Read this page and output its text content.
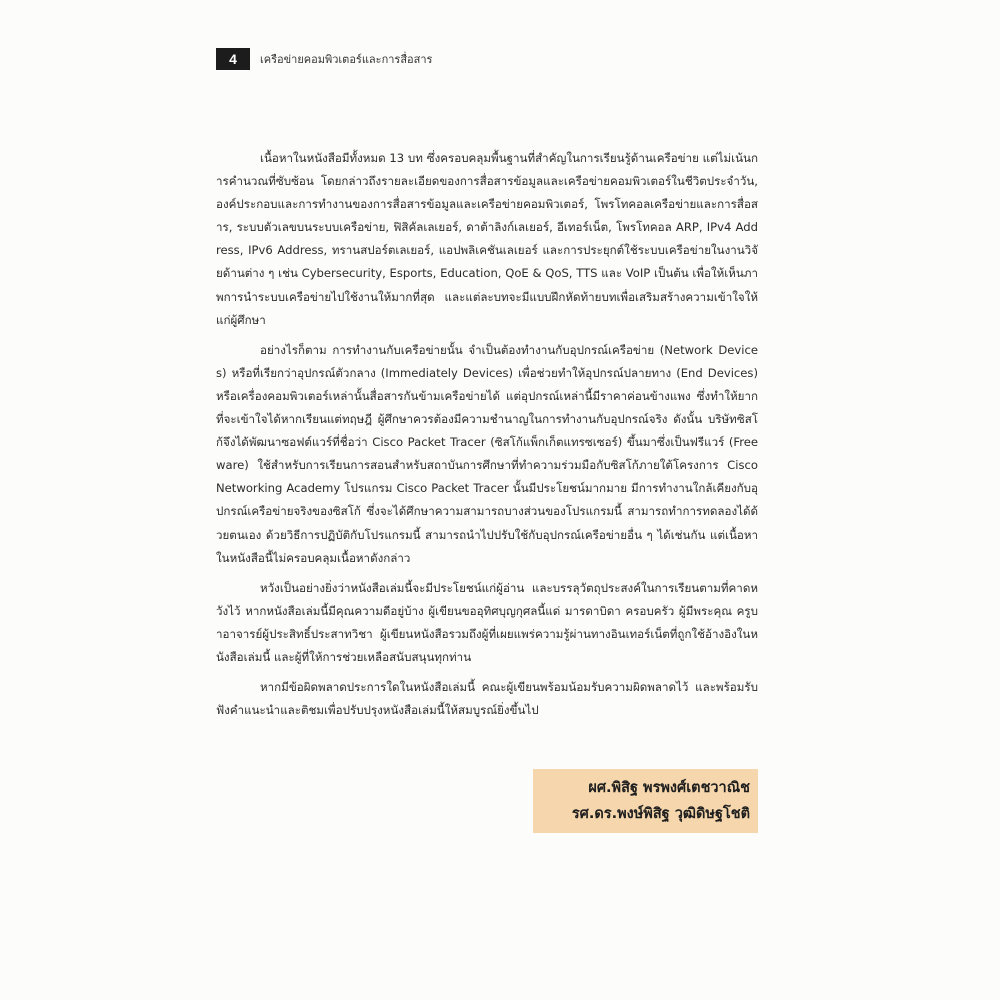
4	เครือข่ายคอมพิวเตอร์และการสื่อสาร

เนื้อหาในหนังสือมีทั้งหมด 13 บท ซึ่งครอบคลุมพื้นฐานที่สำคัญในการเรียนรู้ด้านเครือข่าย แต่ไม่เน้นการคำนวณที่ซับซ้อน โดยกล่าวถึงรายละเอียดของการสื่อสารข้อมูลและเครือข่ายคอมพิวเตอร์ในชีวิตประจำวัน, องค์ประกอบและการทำงานของการสื่อสารข้อมูลและเครือข่ายคอมพิวเตอร์, โพรโทคอลเครือข่ายและการสื่อสาร, ระบบตัวเลขบนระบบเครือข่าย, ฟิสิคัลเลเยอร์, ดาต้าลิงก์เลเยอร์, อีเทอร์เน็ต, โพรโทคอล ARP, IPv4 Address, IPv6 Address, ทรานสปอร์ตเลเยอร์, แอปพลิเคชันเลเยอร์ และการประยุกต์ใช้ระบบเครือข่ายในงานวิจัยด้านต่าง ๆ เช่น Cybersecurity, Esports, Education, QoE & QoS, TTS และ VoIP เป็นต้น เพื่อให้เห็นภาพการนำระบบเครือข่ายไปใช้งานให้มากที่สุด และแต่ละบทจะมีแบบฝึกหัดท้ายบทเพื่อเสริมสร้างความเข้าใจให้แก่ผู้ศึกษา

อย่างไรก็ตาม การทำงานกับเครือข่ายนั้น จำเป็นต้องทำงานกับอุปกรณ์เครือข่าย (Network Devices) หรือที่เรียกว่าอุปกรณ์ตัวกลาง (Immediately Devices) เพื่อช่วยทำให้อุปกรณ์ปลายทาง (End Devices) หรือเครื่องคอมพิวเตอร์เหล่านั้นสื่อสารกันข้ามเครือข่ายได้ แต่อุปกรณ์เหล่านี้มีราคาค่อนข้างแพง ซึ่งทำให้ยากที่จะเข้าใจได้หากเรียนแต่ทฤษฎี ผู้ศึกษาควรต้องมีความชำนาญในการทำงานกับอุปกรณ์จริง ดังนั้น บริษัทซิสโก้จึงได้พัฒนาซอฟต์แวร์ที่ชื่อว่า Cisco Packet Tracer (ซิสโก้แพ็กเก็ตแทรซเซอร์) ขึ้นมาซึ่งเป็นฟรีแวร์ (Freeware) ใช้สำหรับการเรียนการสอนสำหรับสถาบันการศึกษาที่ทำความร่วมมือกับซิสโก้ภายใต้โครงการ Cisco Networking Academy โปรแกรม Cisco Packet Tracer นั้นมีประโยชน์มากมาย มีการทำงานใกล้เคียงกับอุปกรณ์เครือข่ายจริงของซิสโก้ ซึ่งจะได้ศึกษาความสามารถบางส่วนของโปรแกรมนี้ สามารถทำการทดลองได้ด้วยตนเอง ด้วยวิธีการปฏิบัติกับโปรแกรมนี้ สามารถนำไปปรับใช้กับอุปกรณ์เครือข่ายอื่น ๆ ได้เช่นกัน แต่เนื้อหาในหนังสือนี้ไม่ครอบคลุมเนื้อหาดังกล่าว

หวังเป็นอย่างยิ่งว่าหนังสือเล่มนี้จะมีประโยชน์แก่ผู้อ่าน และบรรลุวัตถุประสงค์ในการเรียนตามที่คาดหวังไว้ หากหนังสือเล่มนี้มีคุณความดีอยู่บ้าง ผู้เขียนขออุทิศบุญกุศลนี้แด่ มารดาบิดา ครอบครัว ผู้มีพระคุณ ครูบาอาจารย์ผู้ประสิทธิ์ประสาทวิชา ผู้เขียนหนังสือรวมถึงผู้ที่เผยแพร่ความรู้ผ่านทางอินเทอร์เน็ตที่ถูกใช้อ้างอิงในหนังสือเล่มนี้ และผู้ที่ให้การช่วยเหลือสนับสนุนทุกท่าน

หากมีข้อผิดพลาดประการใดในหนังสือเล่มนี้ คณะผู้เขียนพร้อมน้อมรับความผิดพลาดไว้ และพร้อมรับฟังคำแนะนำและติชมเพื่อปรับปรุงหนังสือเล่มนี้ให้สมบูรณ์ยิ่งขึ้นไป

ผศ.พิสิฐ พรพงศ์เตชวาณิช
รศ.ดร.พงษ์พิสิฐ วุฒิดิษฐโชติ
